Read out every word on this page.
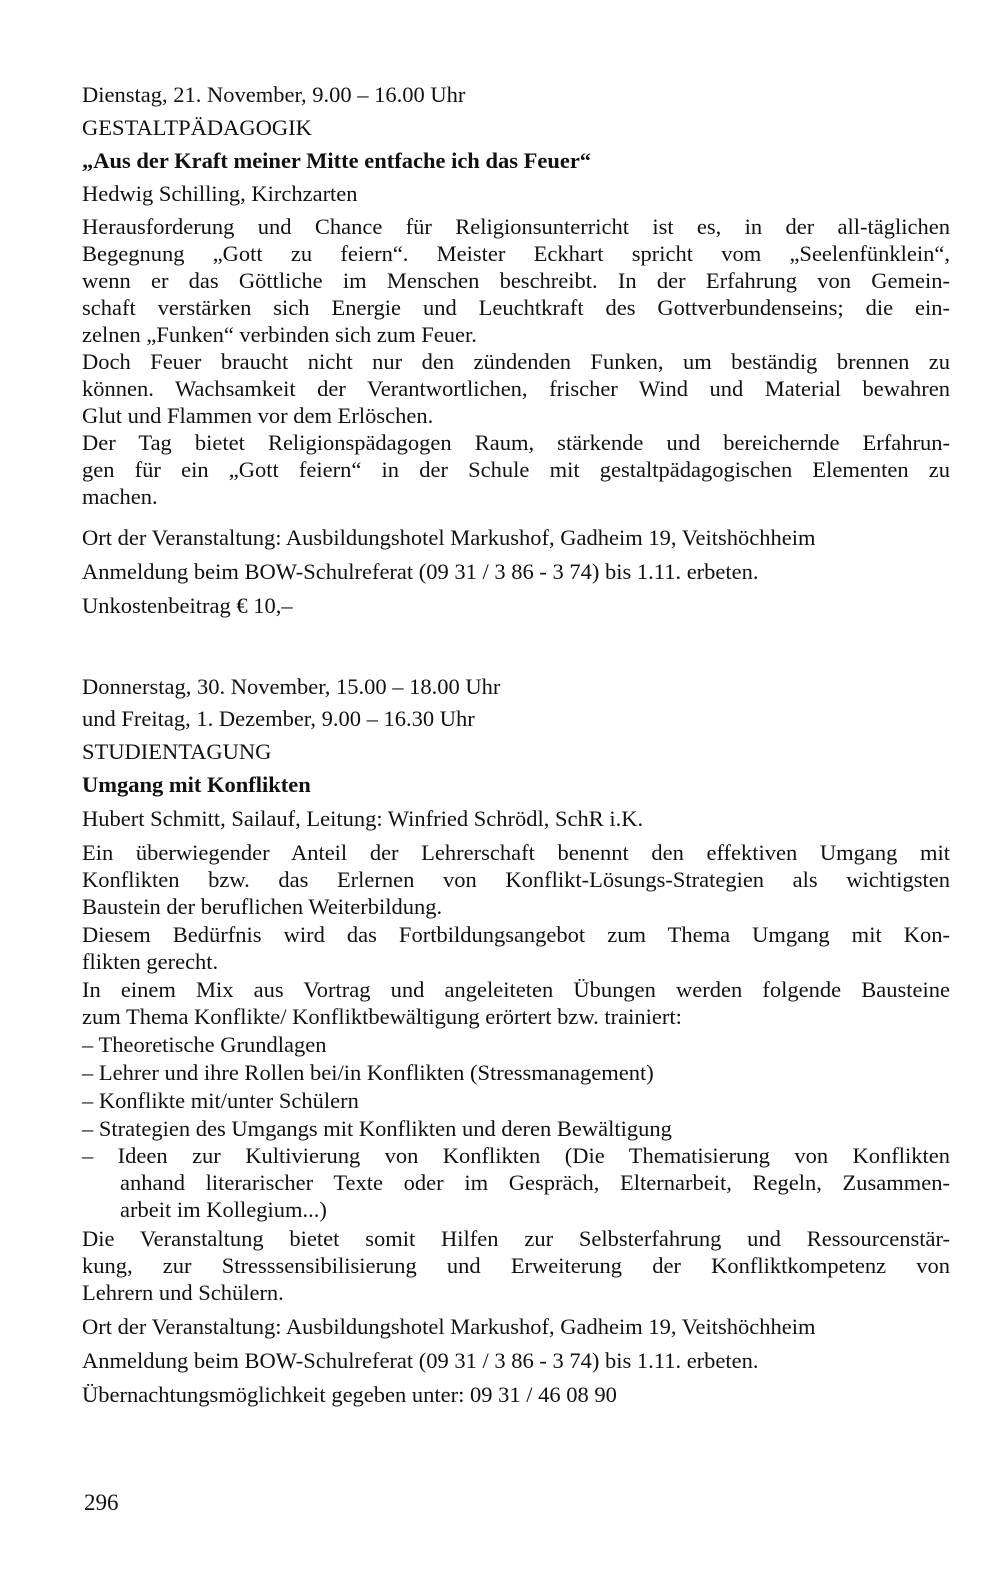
Dienstag, 21. November, 9.00 – 16.00 Uhr
GESTALTPÄDAGOGIK
„Aus der Kraft meiner Mitte entfache ich das Feuer“
Hedwig Schilling, Kirchzarten
Herausforderung und Chance für Religionsunterricht ist es, in der all-täglichen
Begegnung „Gott zu feiern“. Meister Eckhart spricht vom „Seelenfünklein“,
wenn er das Göttliche im Menschen beschreibt. In der Erfahrung von Gemein-
schaft verstärken sich Energie und Leuchtkraft des Gottverbundenseins; die ein-
zelnen „Funken“ verbinden sich zum Feuer.
Doch Feuer braucht nicht nur den zündenden Funken, um beständig brennen zu
können. Wachsamkeit der Verantwortlichen, frischer Wind und Material bewahren
Glut und Flammen vor dem Erlöschen.
Der Tag bietet Religionspädagogen Raum, stärkende und bereichernde Erfahrun-
gen für ein „Gott feiern“ in der Schule mit gestaltpädagogischen Elementen zu
machen.
Ort der Veranstaltung: Ausbildungshotel Markushof, Gadheim 19, Veitshöchheim
Anmeldung beim BOW-Schulreferat (09 31 / 3 86 - 3 74) bis 1.11. erbeten.
Unkostenbeitrag € 10,–
Donnerstag, 30. November, 15.00 – 18.00 Uhr
und Freitag, 1. Dezember, 9.00 – 16.30 Uhr
STUDIENTAGUNG
Umgang mit Konflikten
Hubert Schmitt, Sailauf, Leitung: Winfried Schrödl, SchR i.K.
Ein überwiegender Anteil der Lehrerschaft benennt den effektiven Umgang mit
Konflikten bzw. das Erlernen von Konflikt-Lösungs-Strategien als wichtigsten
Baustein der beruflichen Weiterbildung.
Diesem Bedürfnis wird das Fortbildungsangebot zum Thema Umgang mit Kon-
flikten gerecht.
In einem Mix aus Vortrag und angeleiteten Übungen werden folgende Bausteine
zum Thema Konflikte/ Konfliktbewältigung erörtert bzw. trainiert:
– Theoretische Grundlagen
– Lehrer und ihre Rollen bei/in Konflikten (Stressmanagement)
– Konflikte mit/unter Schülern
– Strategien des Umgangs mit Konflikten und deren Bewältigung
– Ideen zur Kultivierung von Konflikten (Die Thematisierung von Konflikten
anhand literarischer Texte oder im Gespräch, Elternarbeit, Regeln, Zusammen-
arbeit im Kollegium...)
Die Veranstaltung bietet somit Hilfen zur Selbsterfahrung und Ressourcenstär-
kung, zur Stresssensibilisierung und Erweiterung der Konfliktkompetenz von
Lehrern und Schülern.
Ort der Veranstaltung: Ausbildungshotel Markushof, Gadheim 19, Veitshöchheim
Anmeldung beim BOW-Schulreferat (09 31 / 3 86 - 3 74) bis 1.11. erbeten.
Übernachtungsmöglichkeit gegeben unter: 09 31 / 46 08 90
296
